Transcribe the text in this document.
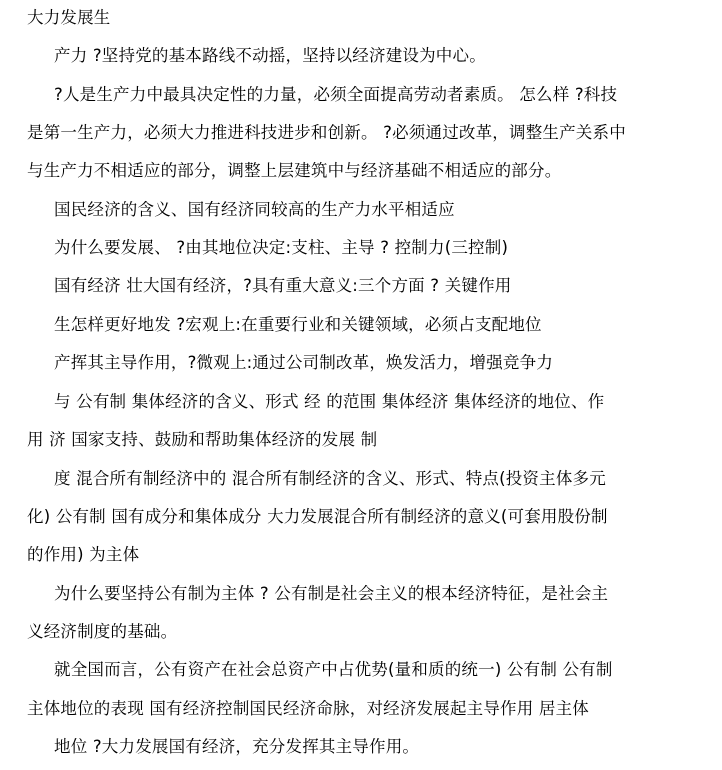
大力发展生
产力 ?坚持党的基本路线不动摇，坚持以经济建设为中心。
?人是生产力中最具决定性的力量，必须全面提高劳动者素质。 怎么样 ?科技
是第一生产力，必须大力推进科技进步和创新。 ?必须通过改革，调整生产关系中
与生产力不相适应的部分，调整上层建筑中与经济基础不相适应的部分。
国民经济的含义、国有经济同较高的生产力水平相适应
为什么要发展、 ?由其地位决定:支柱、主导 ? 控制力(三控制)
国有经济 壮大国有经济，?具有重大意义:三个方面 ? 关键作用
生怎样更好地发 ?宏观上:在重要行业和关键领域，必须占支配地位
产挥其主导作用，?微观上:通过公司制改革，焕发活力，增强竞争力
与 公有制 集体经济的含义、形式 经 的范围 集体经济 集体经济的地位、作
用 济 国家支持、鼓励和帮助集体经济的发展 制
度 混合所有制经济中的 混合所有制经济的含义、形式、特点(投资主体多元
化) 公有制 国有成分和集体成分 大力发展混合所有制经济的意义(可套用股份制
的作用) 为主体
为什么要坚持公有制为主体 ? 公有制是社会主义的根本经济特征，是社会主
义经济制度的基础。
就全国而言，公有资产在社会总资产中占优势(量和质的统一) 公有制 公有制
主体地位的表现 国有经济控制国民经济命脉，对经济发展起主导作用 居主体
地位 ?大力发展国有经济，充分发挥其主导作用。
